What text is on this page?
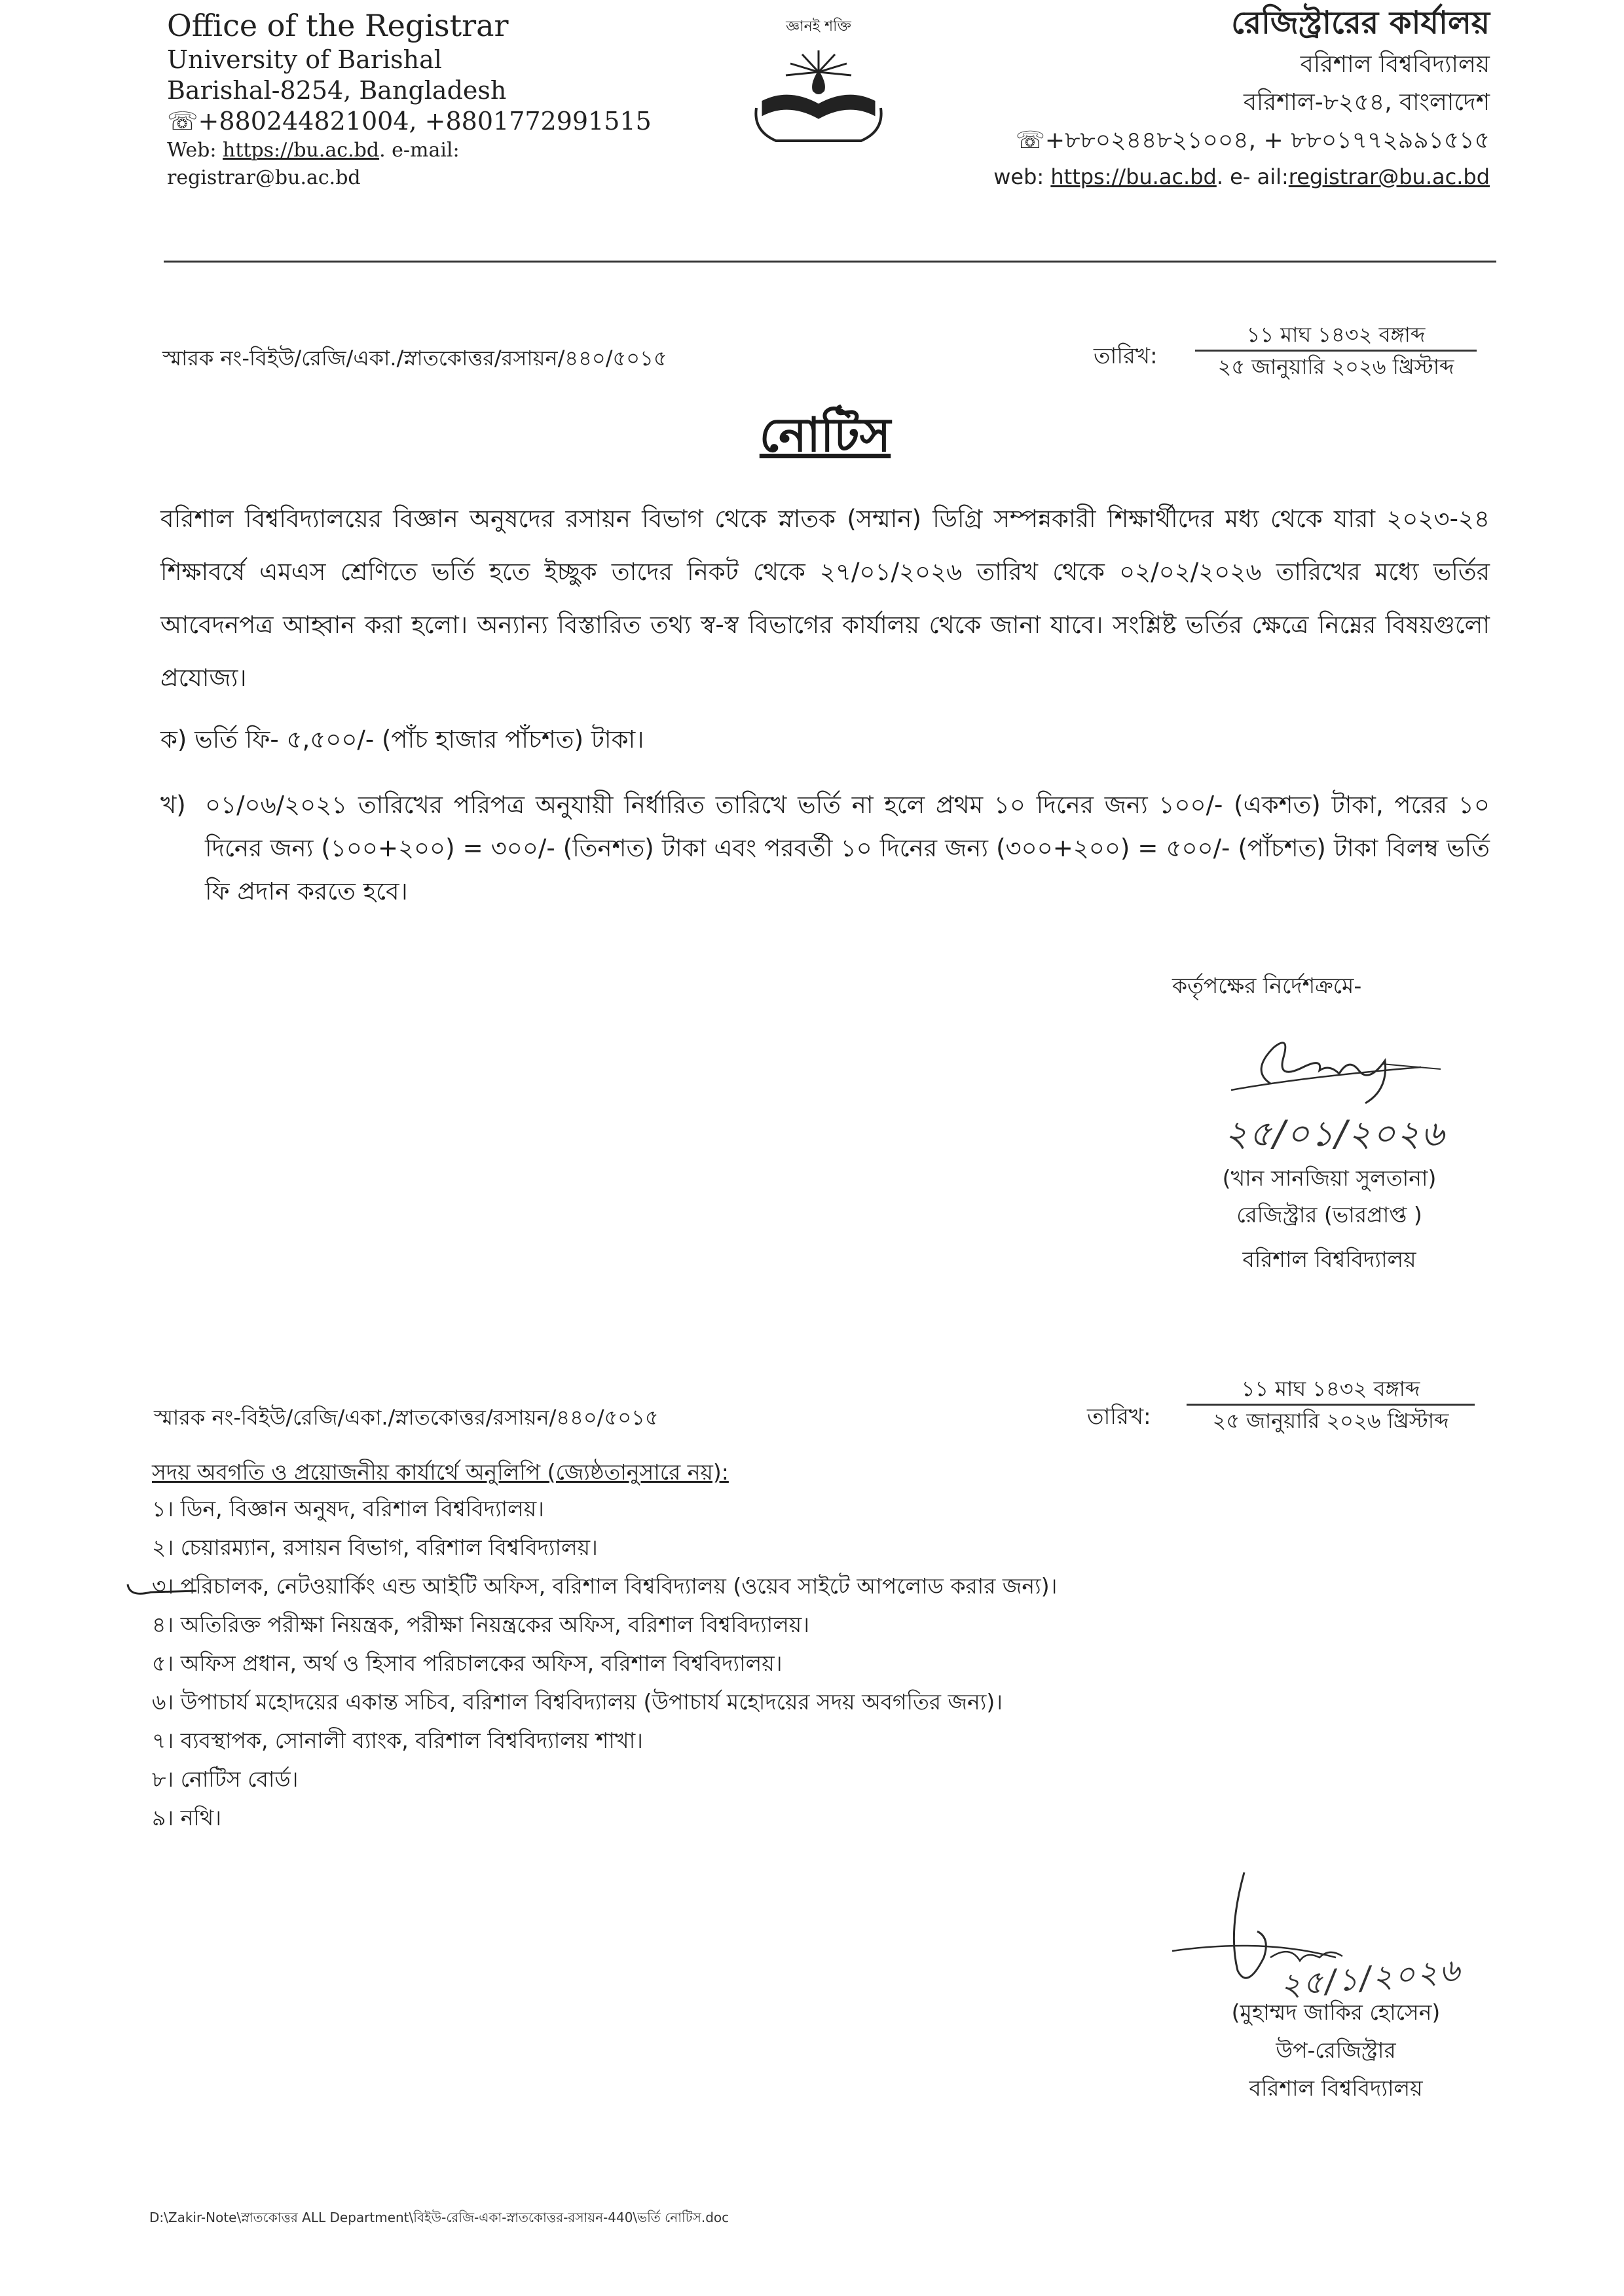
Office of the Registrar
University of Barishal
Barishal-8254, Bangladesh
☏+880244821004, +8801772991515
Web: https://bu.ac.bd. e-mail:
registrar@bu.ac.bd
জ্ঞানই শক্তি
বরিশাল বিশ্ববিদ্যালয়
রেজিস্ট্রারের কার্যালয়
বরিশাল বিশ্ববিদ্যালয়
বরিশাল-৮২৫৪, বাংলাদেশ
☏+৮৮০২৪৪৮২১০০৪, + ৮৮০১৭৭২৯৯১৫১৫
web: https://bu.ac.bd. e- ail:registrar@bu.ac.bd
স্মারক নং-বিইউ/রেজি/একা./স্নাতকোত্তর/রসায়ন/৪৪০/৫০১৫	তারিখ:
১১ মাঘ ১৪৩২ বঙ্গাব্দ
২৫ জানুয়ারি ২০২৬ খ্রিস্টাব্দ
নোটিস
বরিশাল বিশ্ববিদ্যালয়ের বিজ্ঞান অনুষদের রসায়ন বিভাগ থেকে স্নাতক (সম্মান) ডিগ্রি সম্পন্নকারী শিক্ষার্থীদের মধ্য থেকে যারা ২০২৩-২৪ শিক্ষাবর্ষে এমএস শ্রেণিতে ভর্তি হতে ইচ্ছুক তাদের নিকট থেকে ২৭/০১/২০২৬ তারিখ থেকে ০২/০২/২০২৬ তারিখের মধ্যে ভর্তির আবেদনপত্র আহ্বান করা হলো। অন্যান্য বিস্তারিত তথ্য স্ব-স্ব বিভাগের কার্যালয় থেকে জানা যাবে। সংশ্লিষ্ট ভর্তির ক্ষেত্রে নিম্নের বিষয়গুলো প্রযোজ্য।
ক) ভর্তি ফি- ৫,৫০০/- (পাঁচ হাজার পাঁচশত) টাকা।
খ) ০১/০৬/২০২১ তারিখের পরিপত্র অনুযায়ী নির্ধারিত তারিখে ভর্তি না হলে প্রথম ১০ দিনের জন্য ১০০/- (একশত) টাকা, পরের ১০ দিনের জন্য (১০০+২০০) = ৩০০/- (তিনশত) টাকা এবং পরবর্তী ১০ দিনের জন্য (৩০০+২০০) = ৫০০/- (পাঁচশত) টাকা বিলম্ব ভর্তি ফি প্রদান করতে হবে।
কর্তৃপক্ষের নির্দেশক্রমে-
২৫/০১/২০২৬
(খান সানজিয়া সুলতানা)
রেজিস্ট্রার (ভারপ্রাপ্ত )
বরিশাল বিশ্ববিদ্যালয়
স্মারক নং-বিইউ/রেজি/একা./স্নাতকোত্তর/রসায়ন/৪৪০/৫০১৫	তারিখ:
১১ মাঘ ১৪৩২ বঙ্গাব্দ
২৫ জানুয়ারি ২০২৬ খ্রিস্টাব্দ
সদয় অবগতি ও প্রয়োজনীয় কার্যার্থে অনুলিপি (জ্যেষ্ঠতানুসারে নয়):
১। ডিন, বিজ্ঞান অনুষদ, বরিশাল বিশ্ববিদ্যালয়।
২। চেয়ারম্যান, রসায়ন বিভাগ, বরিশাল বিশ্ববিদ্যালয়।
৩। পরিচালক, নেটওয়ার্কিং এন্ড আইটি অফিস, বরিশাল বিশ্ববিদ্যালয় (ওয়েব সাইটে আপলোড করার জন্য)।
৪। অতিরিক্ত পরীক্ষা নিয়ন্ত্রক, পরীক্ষা নিয়ন্ত্রকের অফিস, বরিশাল বিশ্ববিদ্যালয়।
৫। অফিস প্রধান, অর্থ ও হিসাব পরিচালকের অফিস, বরিশাল বিশ্ববিদ্যালয়।
৬। উপাচার্য মহোদয়ের একান্ত সচিব, বরিশাল বিশ্ববিদ্যালয় (উপাচার্য মহোদয়ের সদয় অবগতির জন্য)।
৭। ব্যবস্থাপক, সোনালী ব্যাংক, বরিশাল বিশ্ববিদ্যালয় শাখা।
৮। নোটিস বোর্ড।
৯। নথি।
২৫/১/২০২৬
(মুহাম্মদ জাকির হোসেন)
উপ-রেজিস্ট্রার
বরিশাল বিশ্ববিদ্যালয়
D:\Zakir-Note\স্নাতকোত্তর ALL Department\বিইউ-রেজি-একা-স্নাতকোত্তর-রসায়ন-440\ভর্তি নোটিস.doc
